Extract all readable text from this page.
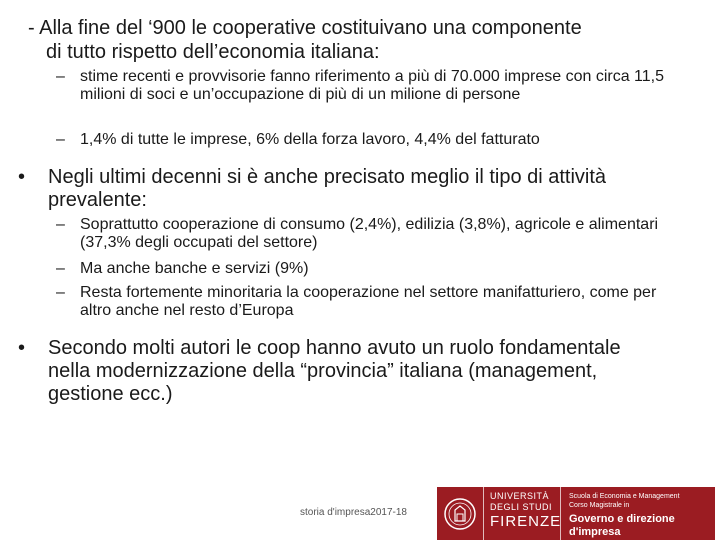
- Alla fine del ‘900 le cooperative costituivano una componente
di tutto rispetto dell’economia italiana:
– stime recenti e provvisorie fanno riferimento a più di 70.000 imprese con circa 11,5 milioni di soci e un’occupazione di più di un milione di persone
– 1,4% di tutte le imprese, 6% della forza lavoro, 4,4% del fatturato
•	Negli ultimi decenni si è anche precisato meglio il tipo di attività prevalente:
– Soprattutto cooperazione di consumo (2,4%), edilizia (3,8%), agricole e alimentari (37,3% degli occupati del settore)
– Ma anche banche e servizi (9%)
– Resta fortemente minoritaria la cooperazione nel settore manifatturiero, come per altro anche nel resto d’Europa
•	Secondo molti autori le coop hanno avuto un ruolo fondamentale nella modernizzazione della “provincia” italiana (management, gestione ecc.)
storia d'impresa2017-18
UNIVERSITÀ
DEGLI STUDI
FIRENZE
Scuola di Economia e Management
Corso Magistrale in
Governo e direzione d'impresa
